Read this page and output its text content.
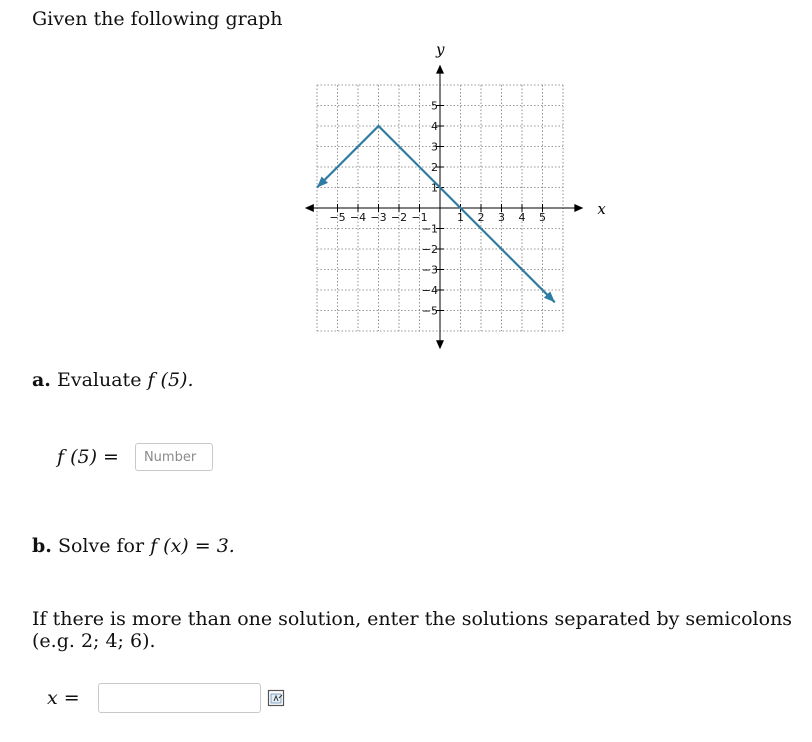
Given the following graph
−5 −4 −3 −2 −1	1 2 3 4 5
5
4
3
2
1
−1
−2
−3
−4
−5
x
y
a. Evaluate f (5).
f (5) =
Number
b. Solve for f (x) = 3.
If there is more than one solution, enter the solutions separated by semicolons (e.g. 2; 4; 6).
x =
